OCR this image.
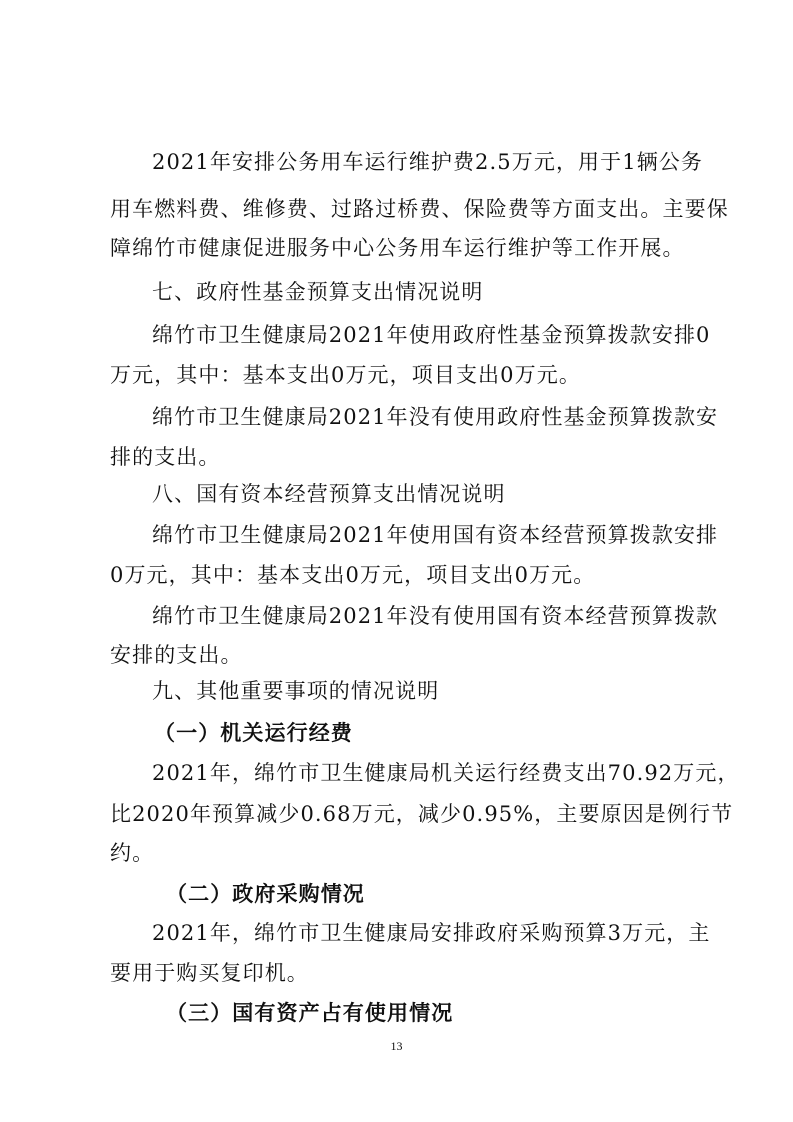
2021年安排公务用车运行维护费2.5万元，用于1辆公务
用车燃料费、维修费、过路过桥费、保险费等方面支出。主要保
障绵竹市健康促进服务中心公务用车运行维护等工作开展。
七、政府性基金预算支出情况说明
绵竹市卫生健康局2021年使用政府性基金预算拨款安排0
万元，其中：基本支出0万元，项目支出0万元。
绵竹市卫生健康局2021年没有使用政府性基金预算拨款安
排的支出。
八、国有资本经营预算支出情况说明
绵竹市卫生健康局2021年使用国有资本经营预算拨款安排
0万元，其中：基本支出0万元，项目支出0万元。
绵竹市卫生健康局2021年没有使用国有资本经营预算拨款
安排的支出。
九、其他重要事项的情况说明
（一）机关运行经费
2021年，绵竹市卫生健康局机关运行经费支出70.92万元，
比2020年预算减少0.68万元，减少0.95%，主要原因是例行节
约。
（二）政府采购情况
2021年，绵竹市卫生健康局安排政府采购预算3万元，主
要用于购买复印机。
（三）国有资产占有使用情况
13
